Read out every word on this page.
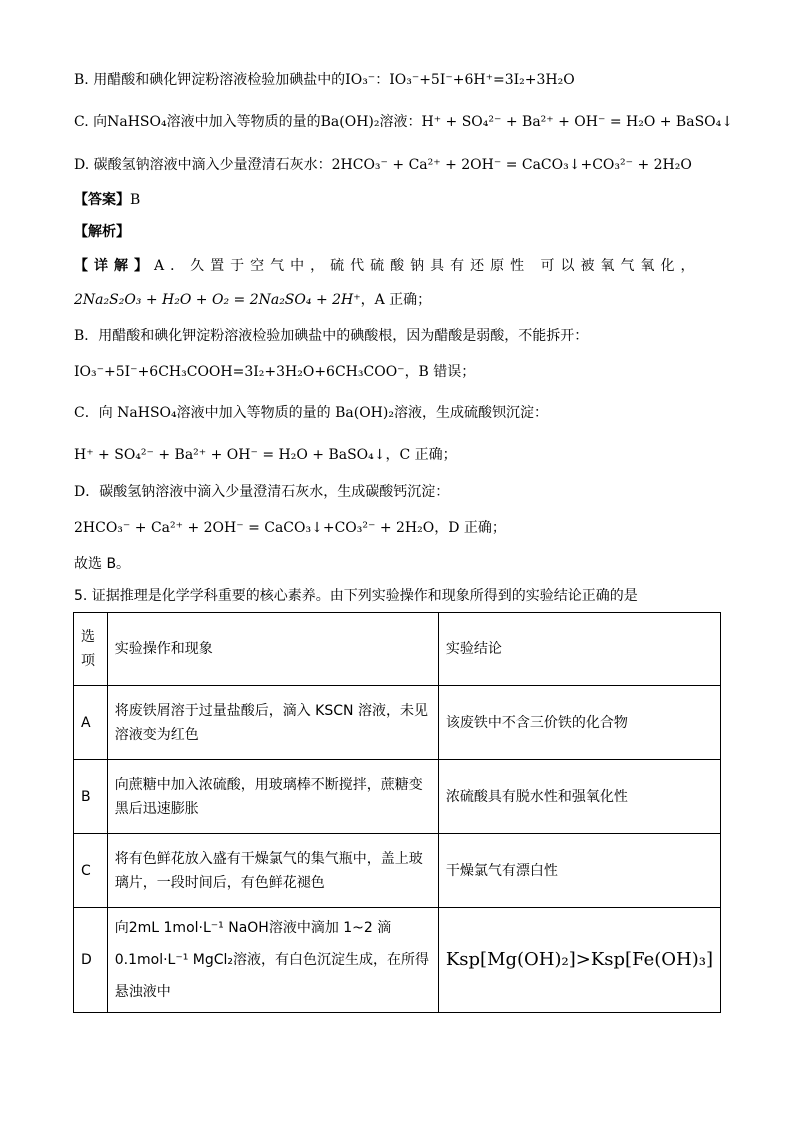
B. 用醋酸和碘化钾淀粉溶液检验加碘盐中的IO₃⁻：IO₃⁻+5I⁻+6H⁺=3I₂+3H₂O
C. 向NaHSO₄溶液中加入等物质的量的Ba(OH)₂溶液：H⁺ + SO₄²⁻ + Ba²⁺ + OH⁻ = H₂O + BaSO₄↓
D. 碳酸氢钠溶液中滴入少量澄清石灰水：2HCO₃⁻ + Ca²⁺ + 2OH⁻ = CaCO₃↓+CO₃²⁻ + 2H₂O
【答案】B
【解析】
【详解】A．久置于空气中，硫代硫酸钠具有还原性 可以被氧气氧化，
2Na₂S₂O₃ + H₂O + O₂ = 2Na₂SO₄ + 2H⁺，A 正确；
B．用醋酸和碘化钾淀粉溶液检验加碘盐中的碘酸根，因为醋酸是弱酸，不能拆开：
IO₃⁻+5I⁻+6CH₃COOH=3I₂+3H₂O+6CH₃COO⁻，B 错误；
C．向 NaHSO₄溶液中加入等物质的量的 Ba(OH)₂溶液，生成硫酸钡沉淀：
H⁺ + SO₄²⁻ + Ba²⁺ + OH⁻ = H₂O + BaSO₄↓，C 正确；
D．碳酸氢钠溶液中滴入少量澄清石灰水，生成碳酸钙沉淀：
2HCO₃⁻ + Ca²⁺ + 2OH⁻ = CaCO₃↓+CO₃²⁻ + 2H₂O，D 正确；
故选 B。
5. 证据推理是化学学科重要的核心素养。由下列实验操作和现象所得到的实验结论正确的是
选项	实验操作和现象	实验结论
A	将废铁屑溶于过量盐酸后，滴入 KSCN 溶液，未见溶液变为红色	该废铁中不含三价铁的化合物
B	向蔗糖中加入浓硫酸，用玻璃棒不断搅拌，蔗糖变黑后迅速膨胀	浓硫酸具有脱水性和强氧化性
C	将有色鲜花放入盛有干燥氯气的集气瓶中，盖上玻璃片，一段时间后，有色鲜花褪色	干燥氯气有漂白性
D	向2mL 1mol·L⁻¹ NaOH溶液中滴加 1~2 滴
0.1mol·L⁻¹ MgCl₂溶液，有白色沉淀生成，在所得悬浊液中	Ksp[Mg(OH)₂]>Ksp[Fe(OH)₃]
